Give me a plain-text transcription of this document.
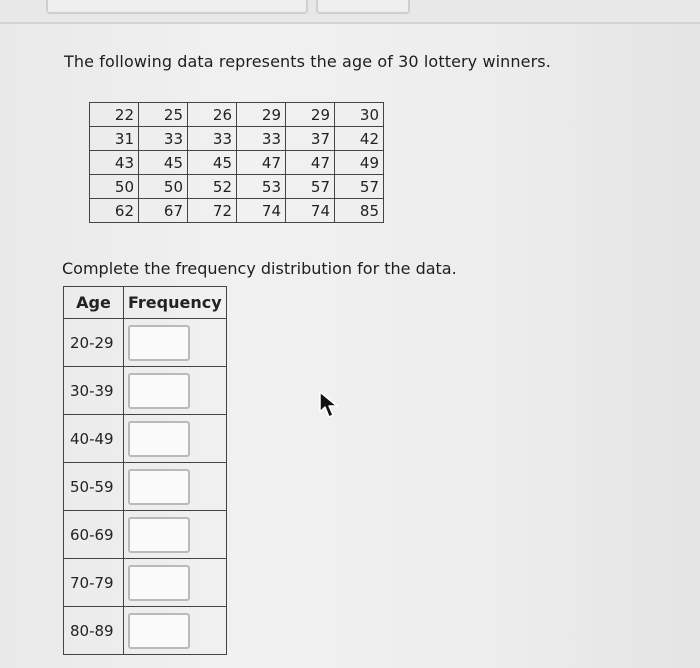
The following data represents the age of 30 lottery winners.
22	25	26	29	29	30
31	33	33	33	37	42
43	45	45	47	47	49
50	50	52	53	57	57
62	67	72	74	74	85
Complete the frequency distribution for the data.
Age	Frequency
20-29	

30-39	

40-49	

50-59	

60-69	

70-79	

80-89	
